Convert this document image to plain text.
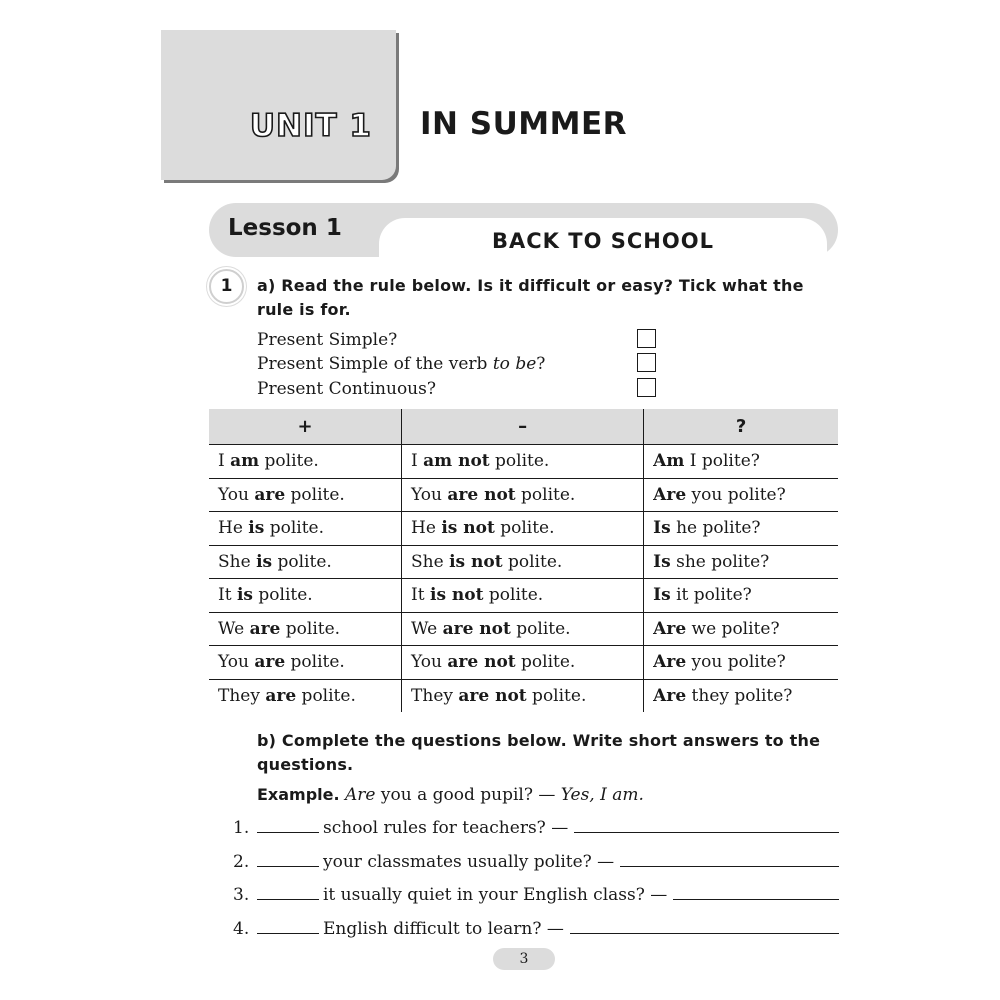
UNIT 1 IN SUMMER
Lesson 1	BACK TO SCHOOL
1	a) Read the rule below. Is it difficult or easy? Tick what the rule is for.
Present Simple?
Present Simple of the verb to be?
Present Continuous?
+	–	?
I am polite.	I am not polite.	Am I polite?
You are polite.	You are not polite.	Are you polite?
He is polite.	He is not polite.	Is he polite?
She is polite.	She is not polite.	Is she polite?
It is polite.	It is not polite.	Is it polite?
We are polite.	We are not polite.	Are we polite?
You are polite.	You are not polite.	Are you polite?
They are polite.	They are not polite.	Are they polite?
b) Complete the questions below. Write short answers to the questions.
Example. Are you a good pupil? — Yes, I am.
1.	school rules for teachers? —
2.	your classmates usually polite? —
3.	it usually quiet in your English class? —
4.	English difficult to learn? —
3
